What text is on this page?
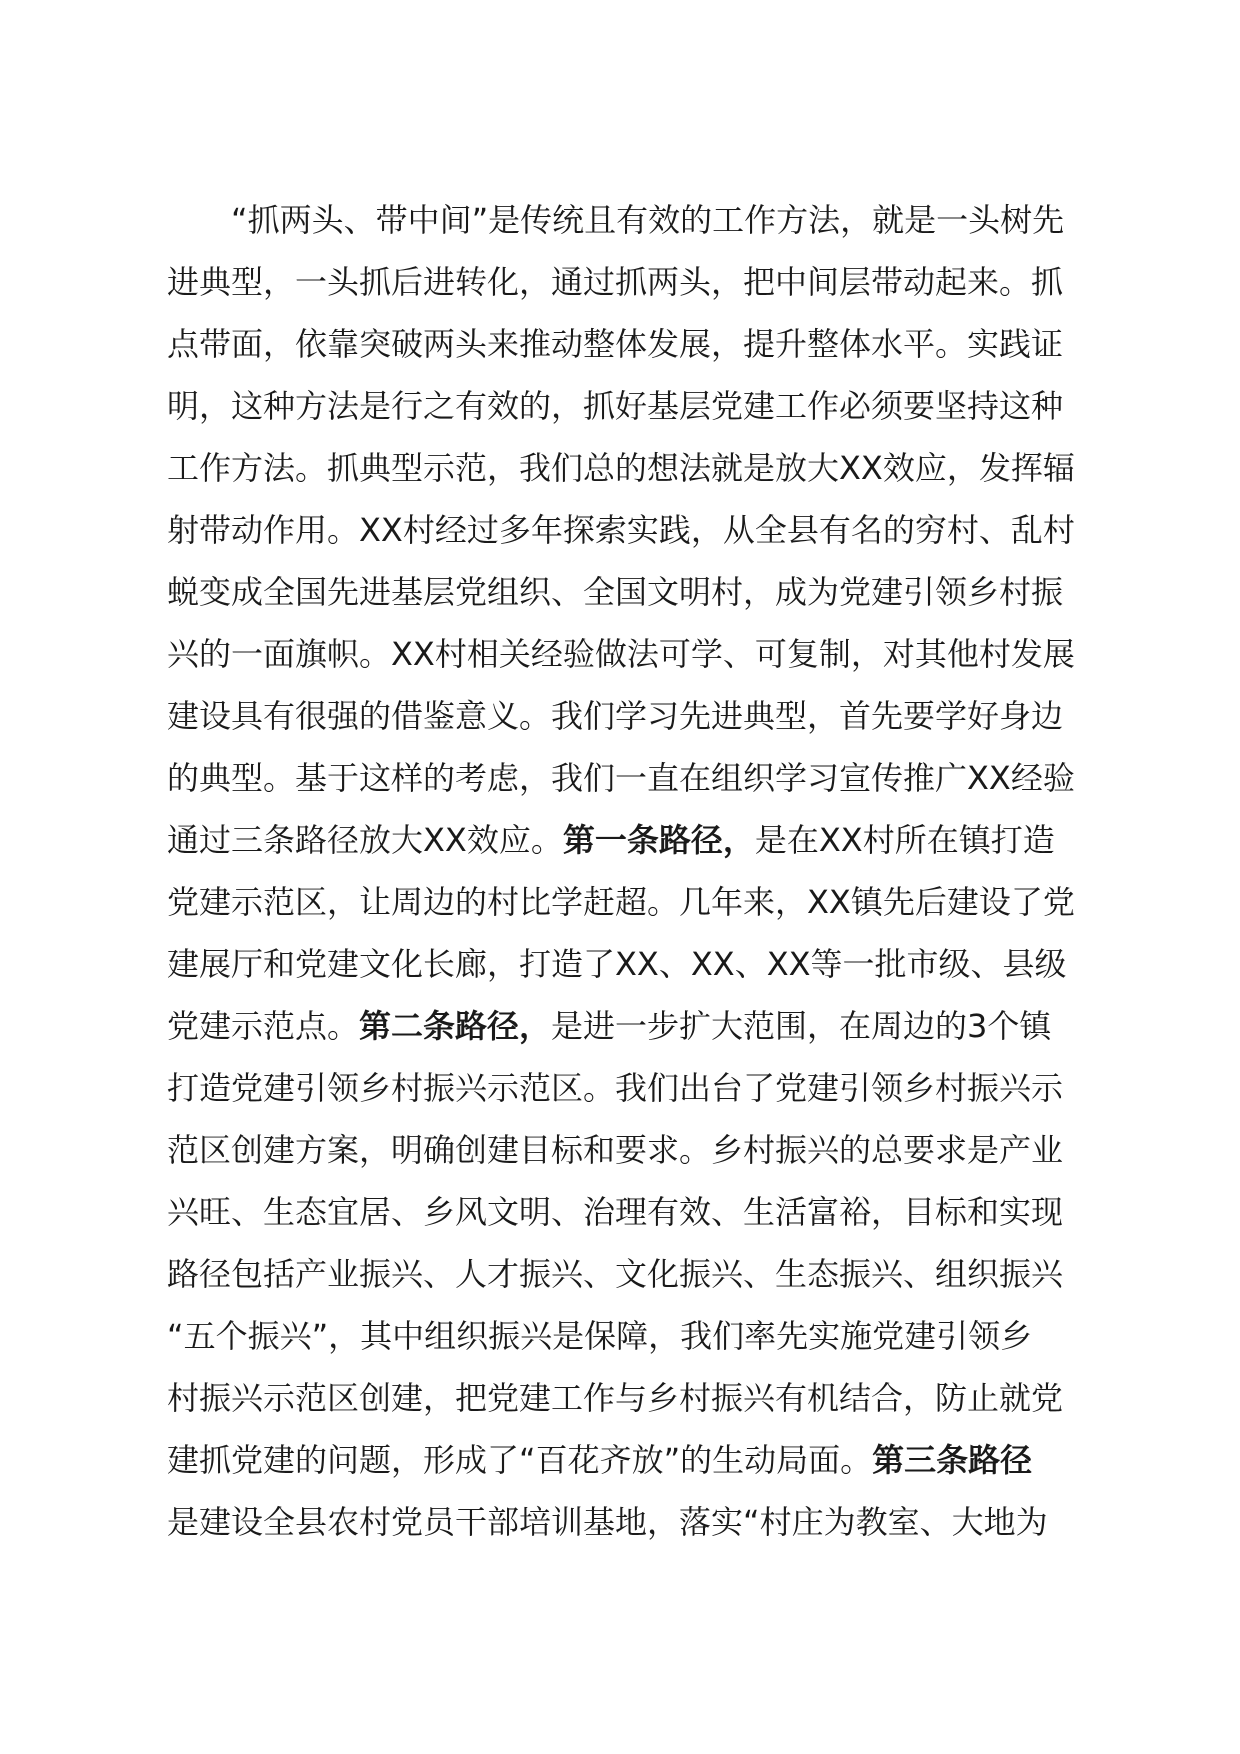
“抓两头、带中间”是传统且有效的工作方法，就是一头树先
进典型，一头抓后进转化，通过抓两头，把中间层带动起来。抓
点带面，依靠突破两头来推动整体发展，提升整体水平。实践证
明，这种方法是行之有效的，抓好基层党建工作必须要坚持这种
工作方法。抓典型示范，我们总的想法就是放大XX效应，发挥辐
射带动作用。XX村经过多年探索实践，从全县有名的穷村、乱村
蜕变成全国先进基层党组织、全国文明村，成为党建引领乡村振
兴的一面旗帜。XX村相关经验做法可学、可复制，对其他村发展
建设具有很强的借鉴意义。我们学习先进典型，首先要学好身边
的典型。基于这样的考虑，我们一直在组织学习宣传推广XX经验
通过三条路径放大XX效应。第一条路径，是在XX村所在镇打造
党建示范区，让周边的村比学赶超。几年来，XX镇先后建设了党
建展厅和党建文化长廊，打造了XX、XX、XX等一批市级、县级
党建示范点。第二条路径，是进一步扩大范围，在周边的3个镇
打造党建引领乡村振兴示范区。我们出台了党建引领乡村振兴示
范区创建方案，明确创建目标和要求。乡村振兴的总要求是产业
兴旺、生态宜居、乡风文明、治理有效、生活富裕，目标和实现
路径包括产业振兴、人才振兴、文化振兴、生态振兴、组织振兴
“五个振兴”，其中组织振兴是保障，我们率先实施党建引领乡
村振兴示范区创建，把党建工作与乡村振兴有机结合，防止就党
建抓党建的问题，形成了“百花齐放”的生动局面。第三条路径
是建设全县农村党员干部培训基地，落实“村庄为教室、大地为
